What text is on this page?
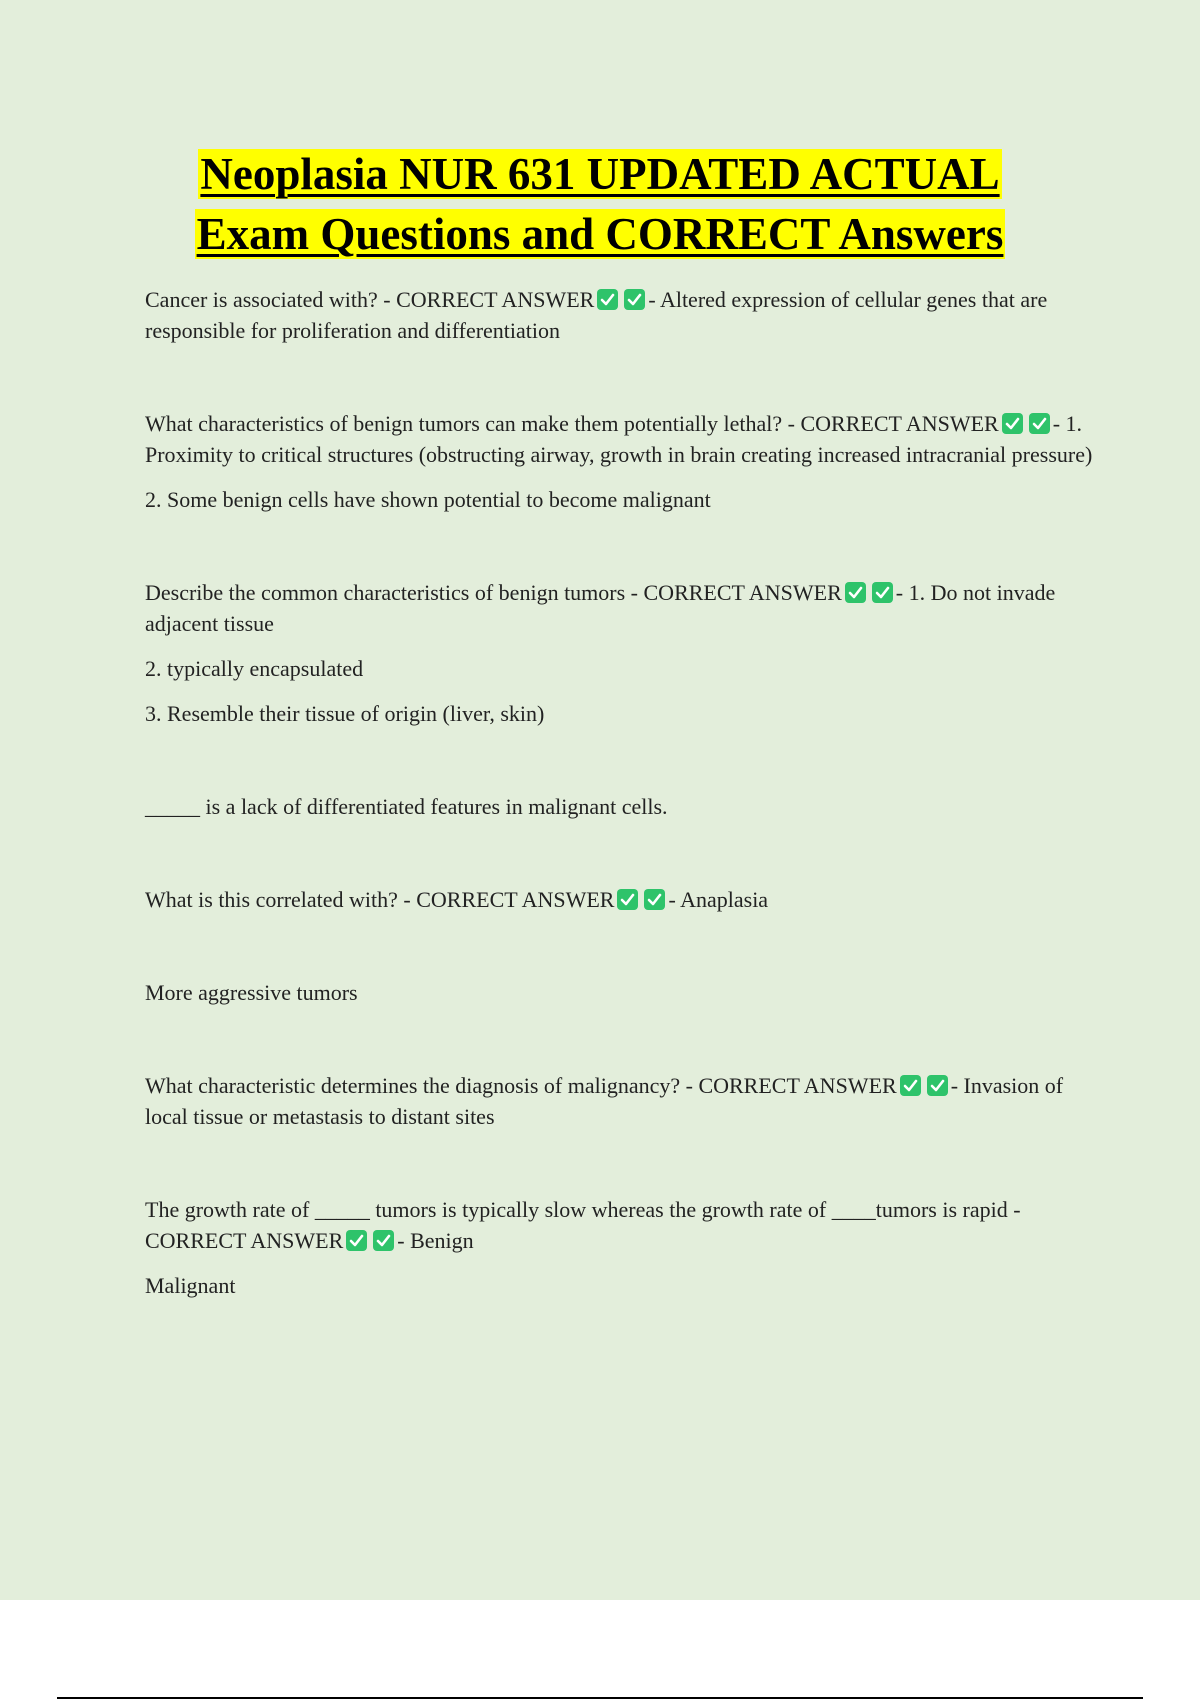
Neoplasia NUR 631 UPDATED ACTUAL
Exam Questions and CORRECT Answers

Cancer is associated with? - CORRECT ANSWER - Altered expression of cellular genes that are responsible for proliferation and differentiation

What characteristics of benign tumors can make them potentially lethal? - CORRECT ANSWER - 1. Proximity to critical structures (obstructing airway, growth in brain creating increased intracranial pressure)

2. Some benign cells have shown potential to become malignant

Describe the common characteristics of benign tumors - CORRECT ANSWER - 1. Do not invade adjacent tissue

2. typically encapsulated

3. Resemble their tissue of origin (liver, skin)

_____ is a lack of differentiated features in malignant cells.

What is this correlated with? - CORRECT ANSWER - Anaplasia

More aggressive tumors

What characteristic determines the diagnosis of malignancy? - CORRECT ANSWER - Invasion of local tissue or metastasis to distant sites

The growth rate of _____ tumors is typically slow whereas the growth rate of ____tumors is rapid - CORRECT ANSWER - Benign

Malignant
